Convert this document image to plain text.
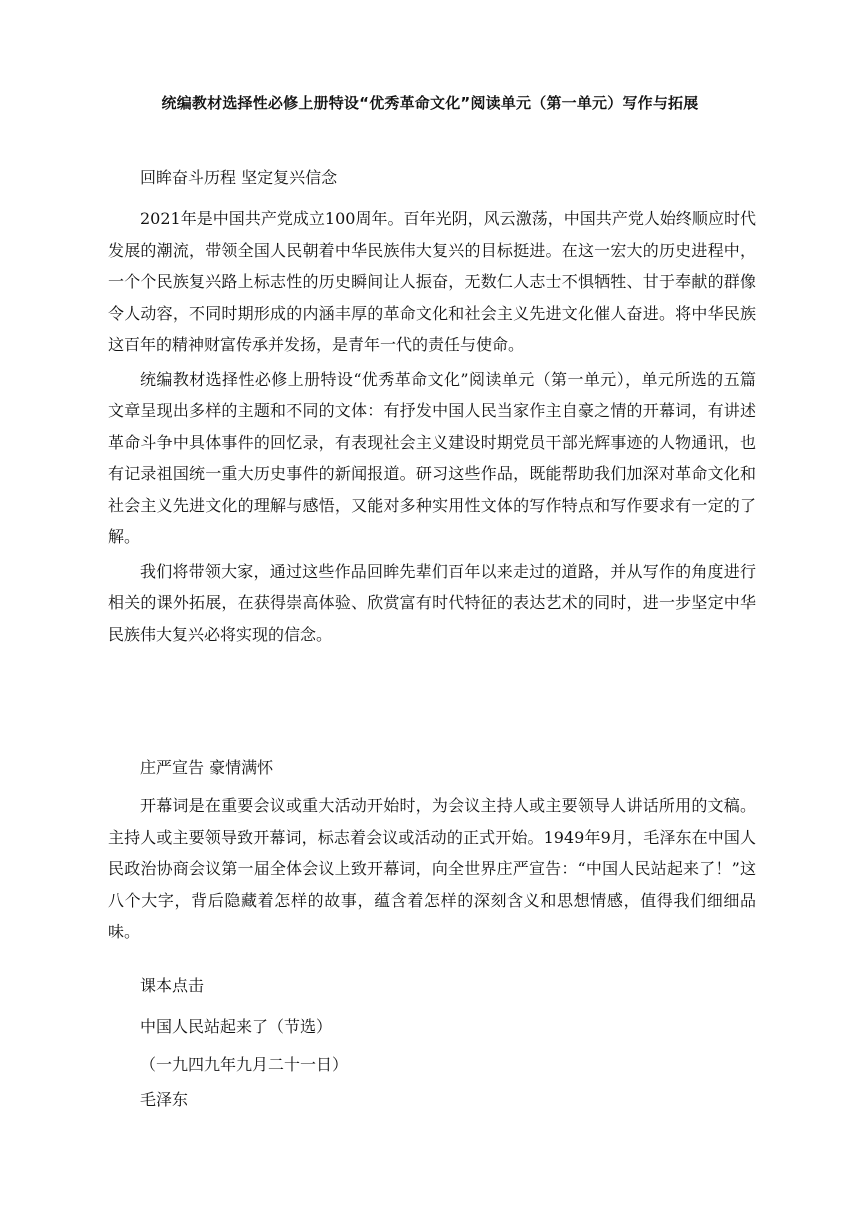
统编教材选择性必修上册特设“优秀革命文化”阅读单元（第一单元）写作与拓展
回眸奋斗历程 坚定复兴信念

2021年是中国共产党成立100周年。百年光阴，风云激荡，中国共产党人始终顺应时代发展的潮流，带领全国人民朝着中华民族伟大复兴的目标挺进。在这一宏大的历史进程中，一个个民族复兴路上标志性的历史瞬间让人振奋，无数仁人志士不惧牺牲、甘于奉献的群像令人动容，不同时期形成的内涵丰厚的革命文化和社会主义先进文化催人奋进。将中华民族这百年的精神财富传承并发扬，是青年一代的责任与使命。

统编教材选择性必修上册特设“优秀革命文化”阅读单元（第一单元），单元所选的五篇文章呈现出多样的主题和不同的文体：有抒发中国人民当家作主自豪之情的开幕词，有讲述革命斗争中具体事件的回忆录，有表现社会主义建设时期党员干部光辉事迹的人物通讯，也有记录祖国统一重大历史事件的新闻报道。研习这些作品，既能帮助我们加深对革命文化和社会主义先进文化的理解与感悟，又能对多种实用性文体的写作特点和写作要求有一定的了解。

我们将带领大家，通过这些作品回眸先辈们百年以来走过的道路，并从写作的角度进行相关的课外拓展，在获得崇高体验、欣赏富有时代特征的表达艺术的同时，进一步坚定中华民族伟大复兴必将实现的信念。

庄严宣告 豪情满怀

开幕词是在重要会议或重大活动开始时，为会议主持人或主要领导人讲话所用的文稿。主持人或主要领导致开幕词，标志着会议或活动的正式开始。1949年9月，毛泽东在中国人民政治协商会议第一届全体会议上致开幕词，向全世界庄严宣告：“中国人民站起来了！”这八个大字，背后隐藏着怎样的故事，蕴含着怎样的深刻含义和思想情感，值得我们细细品味。

课本点击
中国人民站起来了（节选）
（一九四九年九月二十一日）
毛泽东
